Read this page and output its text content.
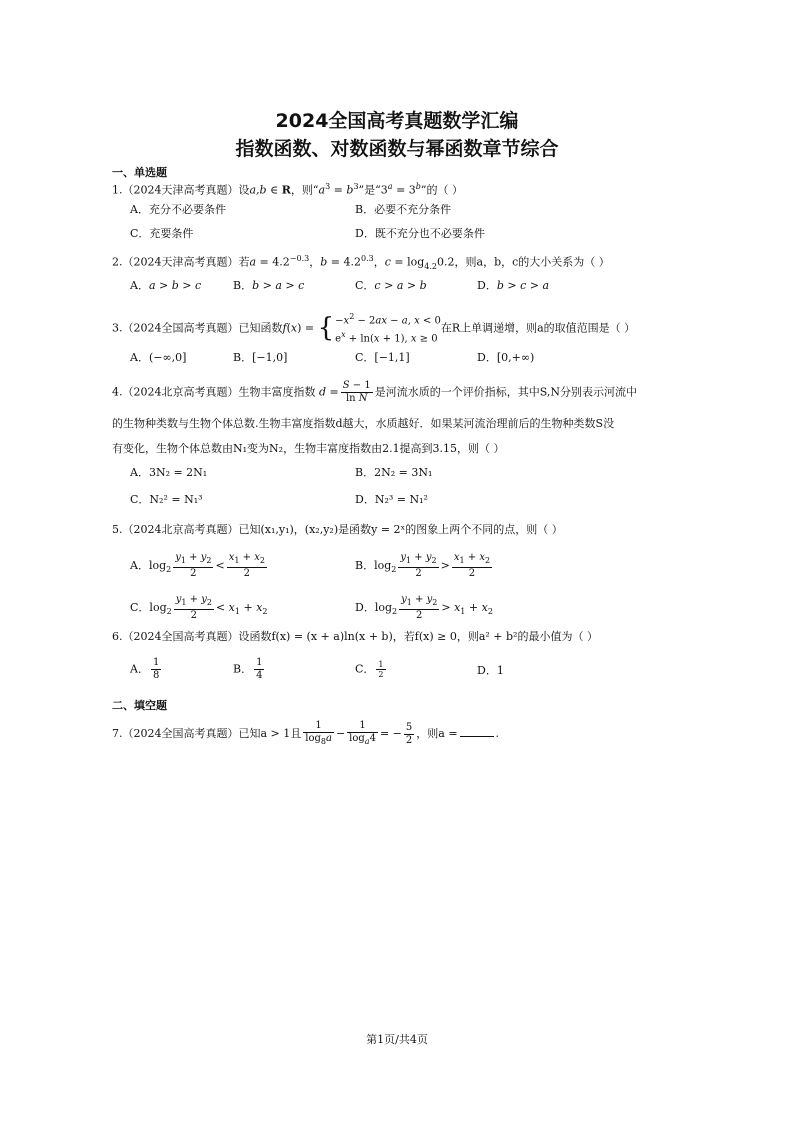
2024全国高考真题数学汇编
指数函数、对数函数与幂函数章节综合
一、单选题
1.（2024天津高考真题）设a,b ∈ R，则“$a^3 = b^3$”是“$3^a = 3^b$”的（ ）
A．充分不必要条件	B．必要不充分条件
C．充要条件	D．既不充分也不必要条件
2.（2024天津高考真题）若$a = 4.2^{-0.3}$，$b = 4.2^{0.3}$，$c = \log_{4.2}0.2$，则a，b，c的大小关系为（ ）
A．a > b > c	B．b > a > c	C．c > a > b	D．b > c > a
3.（2024全国高考真题）已知函数f(x) = { $-x^2 - 2ax - a$, x < 0
$e^x + \ln(x + 1)$, x ≥ 0
在R上单调递增，则a的取值范围是（ ）
A．(−∞,0]	B．[−1,0]	C．[−1,1]	D．[0,+∞)
4.（2024北京高考真题）生物丰富度指数 $d = \frac{S - 1}{\text{ln N}}$ 是河流水质的一个评价指标，其中S,N分别表示河流中
的生物种类数与生物个体总数.生物丰富度指数d越大，水质越好．如果某河流治理前后的生物种类数S没
有变化，生物个体总数由N₁变为N₂，生物丰富度指数由2.1提高到3.15，则（ ）
A．3N₂ = 2N₁	B．2N₂ = 3N₁
C．N₂² = N₁³	D．N₂³ = N₁²
5.（2024北京高考真题）已知(x₁,y₁)，(x₂,y₂)是函数y = 2ˣ的图象上两个不同的点，则（ ）
A．$\log_2 \frac{y_1 + y_2}{2} < \frac{x_1 + x_2}{2}$	B．$\log_2 \frac{y_1 + y_2}{2} > \frac{x_1 + x_2}{2}$
C．$\log_2 \frac{y_1 + y_2}{2} < x_1 + x_2$	D．$\log_2 \frac{y_1 + y_2}{2} > x_1 + x_2$
6.（2024全国高考真题）设函数f(x) = (x + a)ln(x + b)，若f(x) ≥ 0，则a² + b²的最小值为（ ）
A． $\frac{1}{8}$	B． $\frac{1}{4}$	C． $\frac{1}{2}$	D．1
二、填空题
7.（2024全国高考真题）已知a > 1且 $\frac{1}{\log_8a} - \frac{1}{\log_a4}$ = − $\frac{5}{2}$ ，则a =	.
第1页/共4页
